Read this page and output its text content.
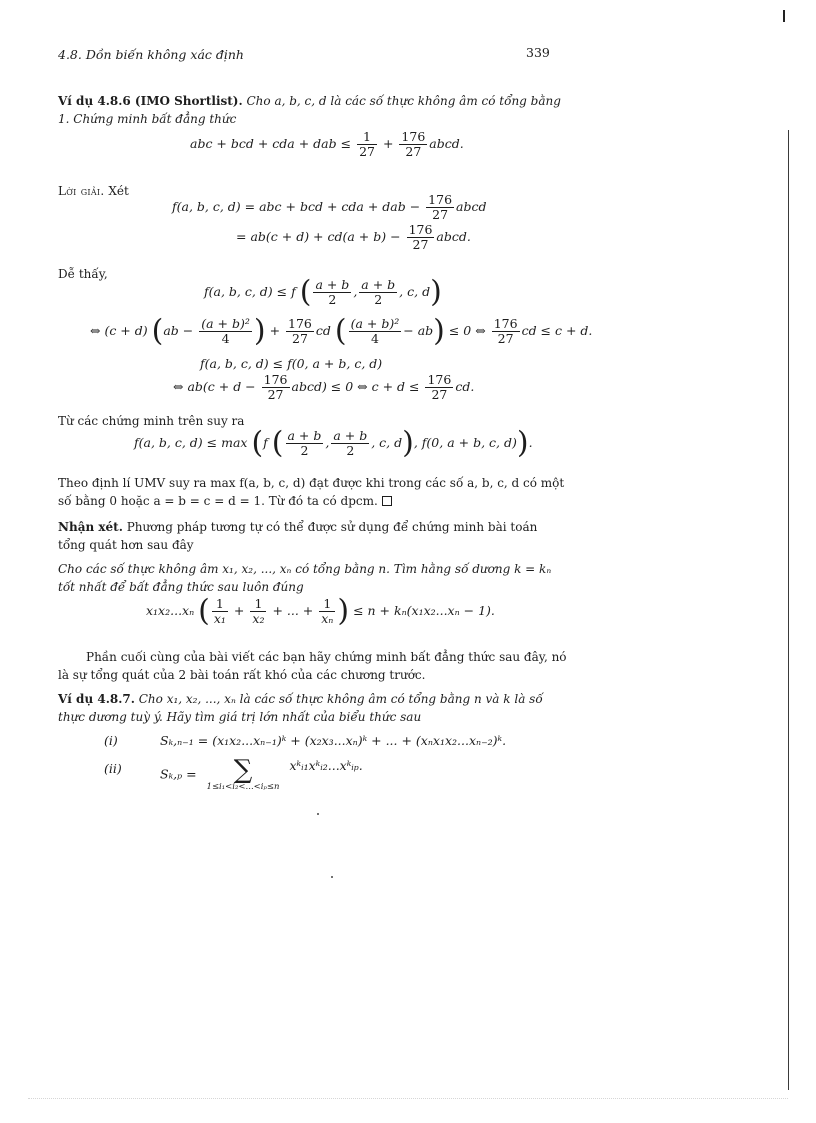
4.8. Dồn biến không xác định	339
Ví dụ 4.8.6 (IMO Shortlist). Cho a, b, c, d là các số thực không âm có tổng bằng
1. Chứng minh bất đẳng thức
abc + bcd + cda + dab ≤ $\frac{1}{27} + \frac{176}{27}$ abcd.
Lời giải. Xét
f(a, b, c, d) = abc + bcd + cda + dab − $\frac{176}{27}$ abcd
= $ab(c + d) + cd(a + b) - \frac{176}{27}$ abcd.
Dễ thấy,
f(a, b, c, d) ≤ f ( $\frac{a + b}{2}$ , $\frac{a + b}{2}$ , c, d)
⇔ (c + d) ($ab - \frac{\text{(a + b)²}}{4}$ ) + $\frac{176}{27}$ cd ( $\frac{\text{(a + b)²}}{4} - ab) \le 0$ ⇔ $\frac{176}{27}$ cd ≤ c + d.
f(a, b, c, d) ≤ f(0, a + b, c, d)
⇔ $ab(c + d - \frac{176}{27}$ abcd) ≤ 0 ⇔ $c + d \le \frac{176}{27}$ cd.
Từ các chứng minh trên suy ra
f(a, b, c, d) ≤ max (f ( $\frac{a + b}{2}$ , $\frac{a + b}{2}$ , c, d), f(0, a + b, c, d)).
Theo định lí UMV suy ra max f(a, b, c, d) đạt được khi trong các số a, b, c, d có một
số bằng 0 hoặc a = b = c = d = 1. Từ đó ta có dpcm.
Nhận xét. Phương pháp tương tự có thể được sử dụng để chứng minh bài toán
tổng quát hơn sau đây
Cho các số thực không âm x₁, x₂, ..., xₙ có tổng bằng n. Tìm hằng số dương k = kₙ
tốt nhất để bất đẳng thức sau luôn đúng
x₁x₂...xₙ ( $\frac{1}{\text{x₁}} + \frac{1}{\text{x₂}}$ + ... + $\frac{1}{\text{xₙ}}$ ) ≤ n + kₙ(x₁x₂...xₙ − 1).
Phần cuối cùng của bài viết các bạn hãy chứng minh bất đẳng thức sau đây, nó
là sự tổng quát của 2 bài toán rất khó của các chương trước.
Ví dụ 4.8.7. Cho x₁, x₂, ..., xₙ là các số thực không âm có tổng bằng n và k là số
thực dương tuỳ ý. Hãy tìm giá trị lớn nhất của biểu thức sau
(i)	Sₖ,ₙ₋₁ = (x₁x₂...xₙ₋₁)ᵏ + (x₂x₃...xₙ)ᵏ + ... + (xₙx₁x₂...xₙ₋₂)ᵏ.
(ii)	Sₖ,ₚ =	∑
1≤i₁<i₂<...<iₚ≤n
xᵏᵢ₁xᵏᵢ₂...xᵏᵢₚ.
